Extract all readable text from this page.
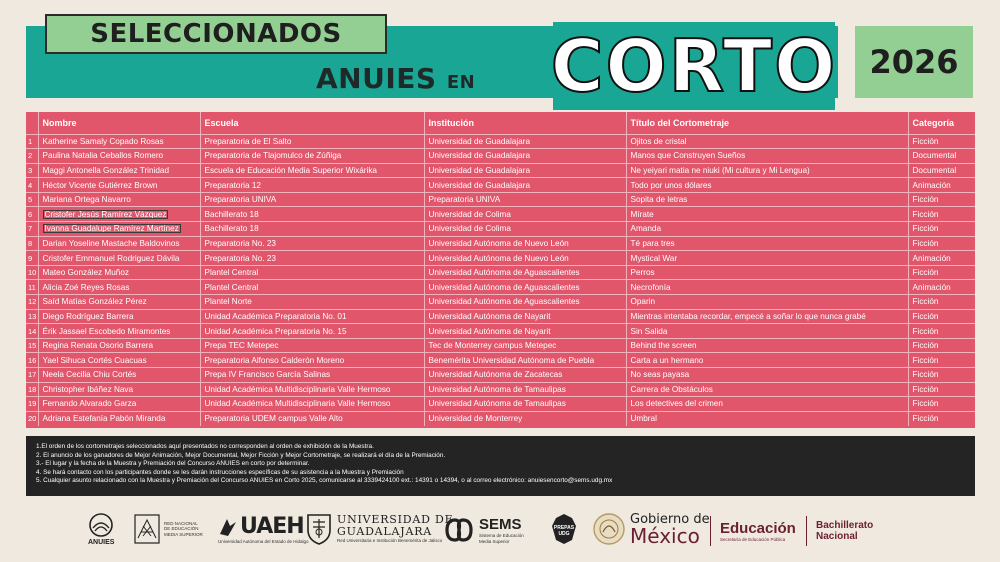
SELECCIONADOS
ANUIES EN CORTO 2026
	Nombre	Escuela	Institución	Título del Cortometraje	Categoría
1	Katherine Samaly Copado Rosas	Preparatoria de El Salto	Universidad de Guadalajara	Ojitos de cristal	Ficción
2	Paulina Natalia Ceballos Romero	Preparatoria de Tlajomulco de Zúñiga	Universidad de Guadalajara	Manos que Construyen Sueños	Documental
3	Maggi Antonella González Trinidad	Escuela de Educación Media Superior Wixárika	Universidad de Guadalajara	Ne yeiyari matia ne niuki (Mi cultura y Mi Lengua)	Documental
4	Héctor Vicente Gutiérrez Brown	Preparatoria 12	Universidad de Guadalajara	Todo por unos dólares	Animación
5	Mariana Ortega Navarro	Preparatoria UNIVA	Preparatoria UNIVA	Sopita de letras	Ficción
6	Cristofer Jesús Ramírez Vázquez	Bachillerato 18	Universidad de Colima	Mírate	Ficción
7	Ivanna Guadalupe Ramírez Martínez	Bachillerato 18	Universidad de Colima	Amanda	Ficción
8	Darian Yoseline Mastache Baldovinos	Preparatoria No. 23	Universidad Autónoma de Nuevo León	Té para tres	Ficción
9	Cristofer Emmanuel Rodriguez Dávila	Preparatoria No. 23	Universidad Autónoma de Nuevo León	Mystical War	Animación
10	Mateo González Muñoz	Plantel Central	Universidad Autónoma de Aguascalientes	Perros	Ficción
11	Alicia Zoé Reyes Rosas	Plantel Central	Universidad Autónoma de Aguascalientes	Necrofonía	Animación
12	Saíd Matías González Pérez	Plantel Norte	Universidad Autónoma de Aguascalientes	Oparin	Ficción
13	Diego Rodríguez Barrera	Unidad Académica Preparatoria No. 01	Universidad Autónoma de Nayarit	Mientras intentaba recordar, empecé a soñar lo que nunca grabé	Ficción
14	Érik Jassael Escobedo Miramontes	Unidad Académica Preparatoria No. 15	Universidad Autónoma de Nayarit	Sin Salida	Ficción
15	Regina Renata Osorio Barrera	Prepa TEC Metepec	Tec de Monterrey campus Metepec	Behind the screen	Ficción
16	Yael Sihuca Cortés Cuacuas	Preparatoria Alfonso Calderón Moreno	Benemérita Universidad Autónoma de Puebla	Carta a un hermano	Ficción
17	Neela Cecilia Chiu Cortés	Prepa IV Francisco García Salinas	Universidad Autónoma de Zacatecas	No seas payasa	Ficción
18	Christopher Ibáñez Nava	Unidad Académica Multidisciplinaria Valle Hermoso	Universidad Autónoma de Tamaulipas	Carrera de Obstáculos	Ficción
19	Fernando Alvarado Garza	Unidad Académica Multidisciplinaria Valle Hermoso	Universidad Autónoma de Tamaulipas	Los detectives del crimen	Ficción
20	Adriana Estefanía Pabón Miranda	Preparatoria UDEM campus Valle Alto	Universidad de Monterrey	Umbral	Ficción

1.El orden de los cortometrajes seleccionados aquí presentados no corresponden al orden de exhibición de la Muestra.

2. El anuncio de los ganadores de Mejor Animación, Mejor Documental, Mejor Ficción y Mejor Cortometraje, se realizará el día de la Premiación.

3.- El lugar y la fecha de la Muestra y Premiación del Concurso ANUIES en corto por determinar.

4. Se hará contacto con los participantes donde se les darán instrucciones específicas de su asistencia a la Muestra y Premiación

5. Cualquier asunto relacionado con la Muestra y Premiación del Concurso ANUIES en Corto 2025, comunicarse al 3339424100 ext.: 14391 o 14394, o al correo electrónico: anuiesencorto@sems.udg.mx

ANUIES
RED NACIONAL DE EDUCACIÓN MEDIA SUPERIOR UAEH
Universidad Autónoma del Estado de Hidalgo
UNIVERSIDAD DE
GUADALAJARA
Red Universitaria e Institución Benemérita de Jalisco
SEMS
Sistema de Educación
Media Superior
PREPAS UDG
Gobierno de
México	Educación
Secretaría de Educación Pública
Bachillerato
Nacional
